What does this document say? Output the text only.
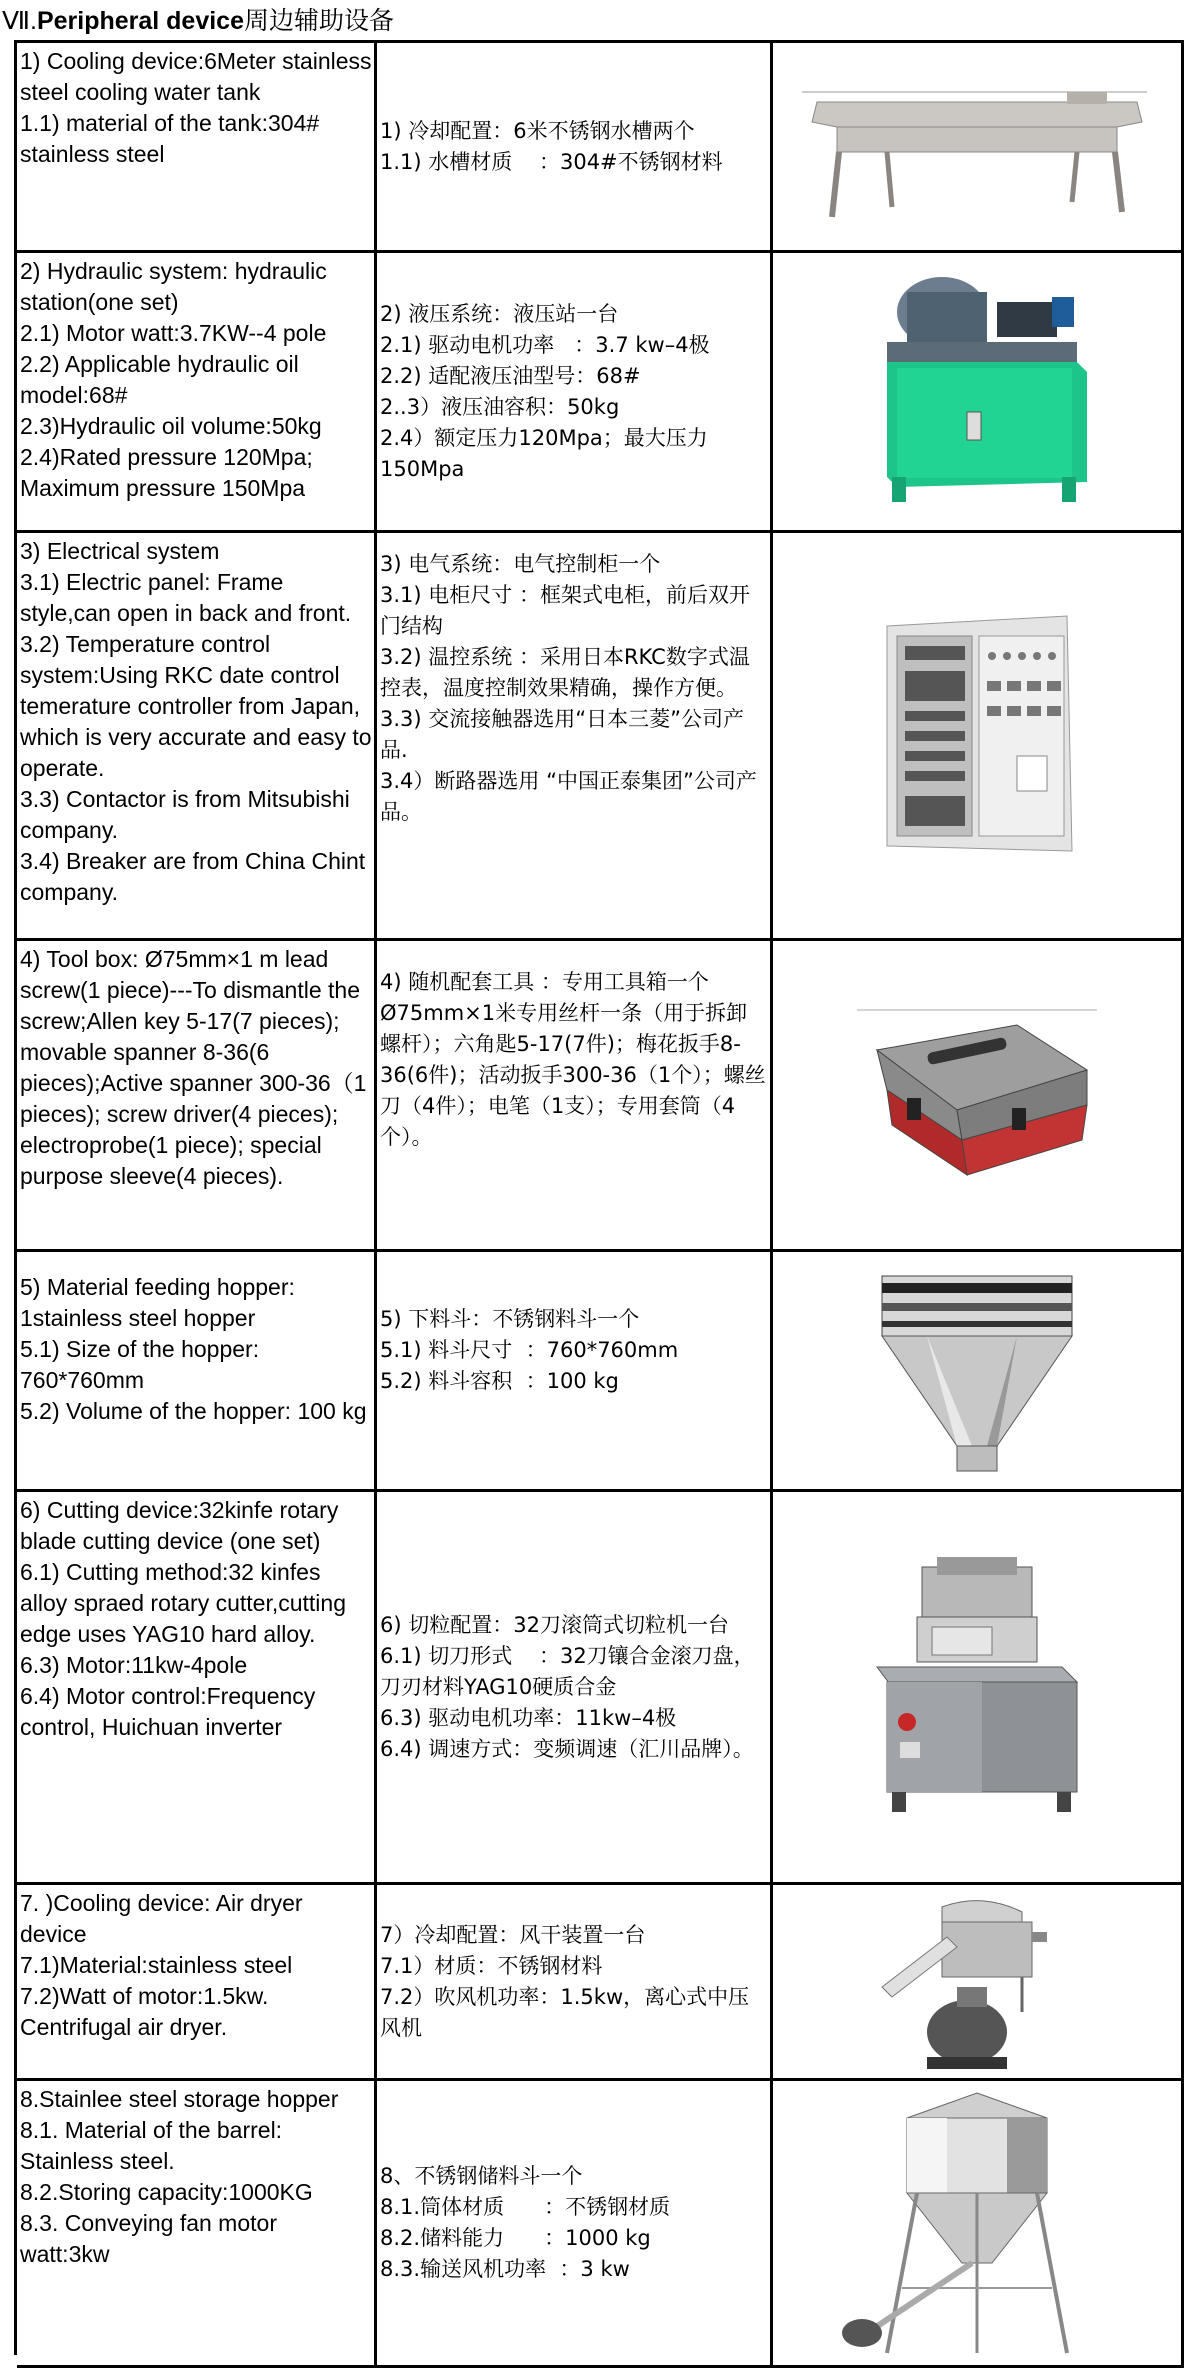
Ⅶ.Peripheral device周边辅助设备
1) Cooling device:6Meter stainless steel cooling water tank
1.1) material of the tank:304# stainless steel
1) 冷却配置：6米不锈钢水槽两个
1.1) 水槽材质    ：304#不锈钢材料
2) Hydraulic system: hydraulic station(one set)
2.1) Motor watt:3.7KW--4 pole
2.2) Applicable hydraulic oil model:68#
2.3)Hydraulic oil volume:50kg
2.4)Rated pressure 120Mpa; Maximum pressure 150Mpa
2) 液压系统：液压站一台
2.1) 驱动电机功率   ：3.7 kw–4极
2.2) 适配液压油型号：68#
2..3）液压油容积：50kg
2.4）额定压力120Mpa；最大压力150Mpa
3) Electrical system
3.1) Electric panel: Frame style,can open in back and front.
3.2) Temperature control system:Using RKC date control temerature controller from Japan, which is very accurate and easy to operate.
3.3) Contactor is from Mitsubishi company.
3.4) Breaker are from China Chint company.
3) 电气系统：电气控制柜一个
3.1) 电柜尺寸 ：框架式电柜，前后双开门结构
3.2) 温控系统 ：采用日本RKC数字式温控表，温度控制效果精确，操作方便。
3.3) 交流接触器选用“日本三菱”公司产品.
3.4）断路器选用 “中国正泰集团”公司产品。
4) Tool box: Ø75mm×1 m lead screw(1 piece)---To dismantle the screw;Allen key 5-17(7 pieces); movable spanner 8-36(6 pieces);Active spanner 300-36（1 pieces); screw driver(4 pieces); electroprobe(1 piece); special purpose sleeve(4 pieces).
4) 随机配套工具 ：专用工具箱一个
Ø75mm×1米专用丝杆一条（用于拆卸螺杆）；六角匙5-17(7件)；梅花扳手8-36(6件)；活动扳手300-36（1个）；螺丝刀（4件）；电笔（1支）；专用套筒（4个）。
5) Material feeding hopper: 1stainless steel hopper
5.1) Size of the hopper: 760*760mm
5.2) Volume of the hopper: 100 kg
5) 下料斗：不锈钢料斗一个
5.1) 料斗尺寸  ：760*760mm
5.2) 料斗容积  ：100 kg
6) Cutting device:32kinfe rotary blade cutting device (one set)
6.1) Cutting method:32 kinfes alloy spraed rotary cutter,cutting edge uses YAG10 hard alloy.
6.3) Motor:11kw-4pole
6.4) Motor control:Frequency control, Huichuan inverter
6) 切粒配置：32刀滚筒式切粒机一台
6.1) 切刀形式    ：32刀镶合金滚刀盘，刀刃材料YAG10硬质合金
6.3) 驱动电机功率：11kw–4极
6.4) 调速方式：变频调速（汇川品牌）。
7. )Cooling device: Air dryer device
7.1)Material:stainless steel
7.2)Watt of motor:1.5kw. Centrifugal air dryer.
7）冷却配置：风干装置一台
7.1）材质：不锈钢材料
7.2）吹风机功率：1.5kw，离心式中压风机
8.Stainlee steel storage hopper
8.1. Material of the barrel: Stainless steel.
8.2.Storing capacity:1000KG
8.3. Conveying fan motor watt:3kw
8、不锈钢储料斗一个
8.1.筒体材质      ：不锈钢材质
8.2.储料能力      ：1000 kg
8.3.输送风机功率  ：3 kw
